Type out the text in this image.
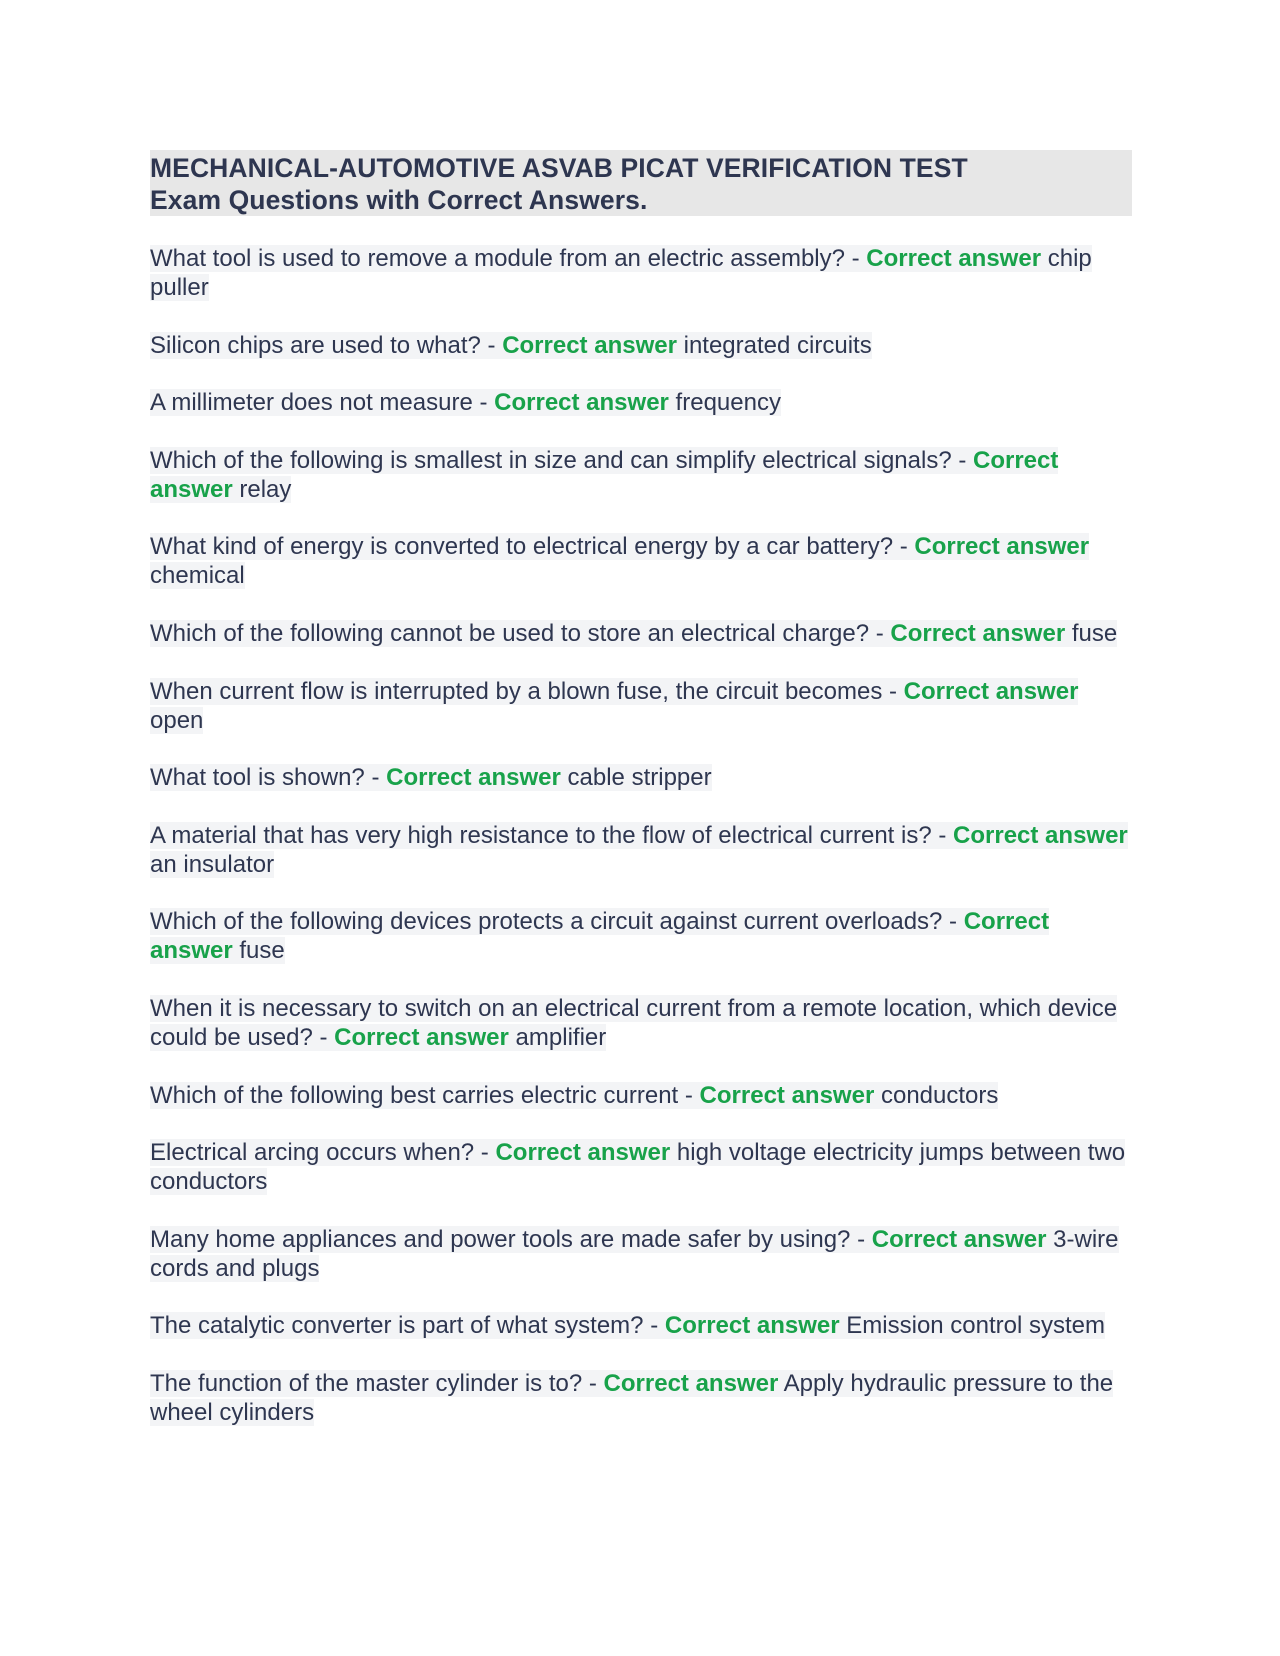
MECHANICAL-AUTOMOTIVE ASVAB PICAT VERIFICATION TEST
Exam Questions with Correct Answers.

What tool is used to remove a module from an electric assembly? - Correct answer chip puller

Silicon chips are used to what? - Correct answer integrated circuits

A millimeter does not measure - Correct answer frequency

Which of the following is smallest in size and can simplify electrical signals? - Correct answer relay

What kind of energy is converted to electrical energy by a car battery? - Correct answer chemical

Which of the following cannot be used to store an electrical charge? - Correct answer fuse

When current flow is interrupted by a blown fuse, the circuit becomes - Correct answer open

What tool is shown? - Correct answer cable stripper

A material that has very high resistance to the flow of electrical current is? - Correct answer an insulator

Which of the following devices protects a circuit against current overloads? - Correct answer fuse

When it is necessary to switch on an electrical current from a remote location, which device could be used? - Correct answer amplifier

Which of the following best carries electric current - Correct answer conductors

Electrical arcing occurs when? - Correct answer high voltage electricity jumps between two conductors

Many home appliances and power tools are made safer by using? - Correct answer 3-wire cords and plugs

The catalytic converter is part of what system? - Correct answer Emission control system

The function of the master cylinder is to? - Correct answer Apply hydraulic pressure to the wheel cylinders
